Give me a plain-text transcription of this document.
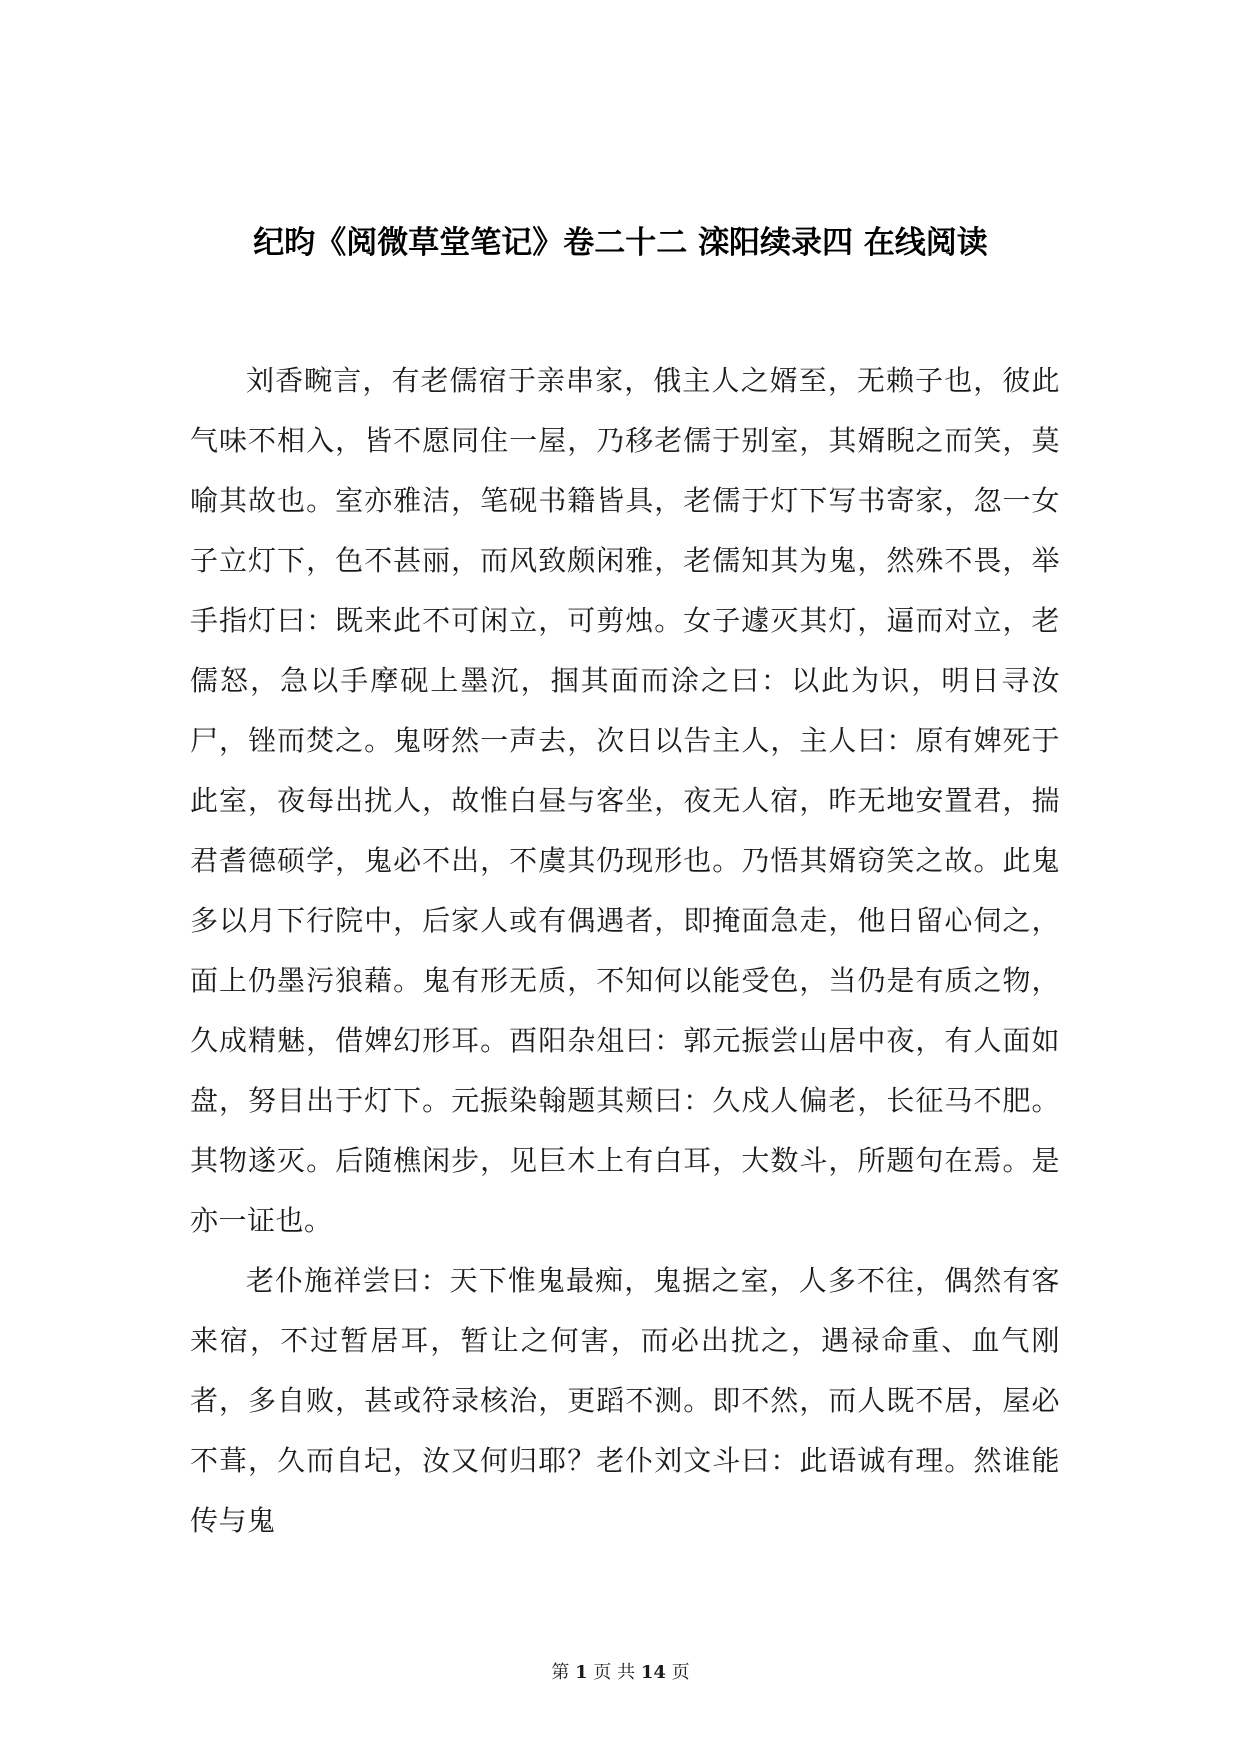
纪昀《阅微草堂笔记》卷二十二 滦阳续录四 在线阅读

刘香畹言，有老儒宿于亲串家，俄主人之婿至，无赖子也，彼此气味不相入，皆不愿同住一屋，乃移老儒于别室，其婿睨之而笑，莫喻其故也。室亦雅洁，笔砚书籍皆具，老儒于灯下写书寄家，忽一女子立灯下，色不甚丽，而风致颇闲雅，老儒知其为鬼，然殊不畏，举手指灯曰：既来此不可闲立，可剪烛。女子遽灭其灯，逼而对立，老儒怒，急以手摩砚上墨沉，掴其面而涂之曰：以此为识，明日寻汝尸，锉而焚之。鬼呀然一声去，次日以告主人，主人曰：原有婢死于此室，夜每出扰人，故惟白昼与客坐，夜无人宿，昨无地安置君，揣君耆德硕学，鬼必不出，不虞其仍现形也。乃悟其婿窃笑之故。此鬼多以月下行院中，后家人或有偶遇者，即掩面急走，他日留心伺之，面上仍墨污狼藉。鬼有形无质，不知何以能受色，当仍是有质之物，久成精魅，借婢幻形耳。酉阳杂俎曰：郭元振尝山居中夜，有人面如盘，努目出于灯下。元振染翰题其颊曰：久戍人偏老，长征马不肥。其物遂灭。后随樵闲步，见巨木上有白耳，大数斗，所题句在焉。是亦一证也。

老仆施祥尝曰：天下惟鬼最痴，鬼据之室，人多不往，偶然有客来宿，不过暂居耳，暂让之何害，而必出扰之，遇禄命重、血气刚者，多自败，甚或符录核治，更蹈不测。即不然，而人既不居，屋必不葺，久而自圮，汝又何归耶？老仆刘文斗曰：此语诚有理。然谁能传与鬼

第 1 页 共 14 页
